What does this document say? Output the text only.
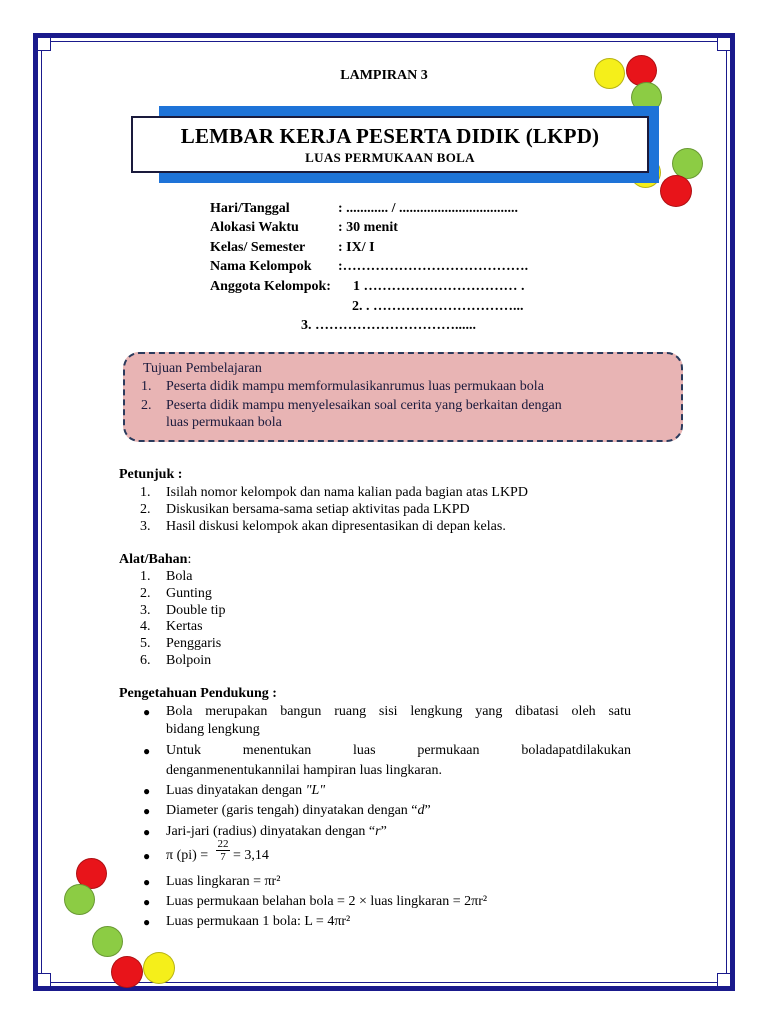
LAMPIRAN 3
LEMBAR KERJA PESERTA DIDIK (LKPD)
LUAS PERMUKAAN BOLA
Hari/Tanggal	: ............ / ..................................
Alokasi Waktu	: 30 menit
Kelas/ Semester : IX/ I
Nama Kelompok :………………………………….
Anggota Kelompok: 1 …………………………… .
2. . …………………………...
3. …………………………......
Tujuan Pembelajaran
1. Peserta didik mampu memformulasikanrumus luas permukaan bola
2. Peserta didik mampu menyelesaikan soal cerita yang berkaitan dengan
luas permukaan bola
Petunjuk :
1. Isilah nomor kelompok dan nama kalian pada bagian atas LKPD
2. Diskusikan bersama-sama setiap aktivitas pada LKPD
3. Hasil diskusi kelompok akan dipresentasikan di depan kelas.
Alat/Bahan:
1. Bola
2. Gunting
3. Double tip
4. Kertas
5. Penggaris
6. Bolpoin
Pengetahuan Pendukung :
● Bola merupakan bangun ruang sisi lengkung yang dibatasi oleh satu
bidang lengkung
● Untuk	menentukan	luas	permukaan	boladapatdilakukan
denganmenentukannilai hampiran luas lingkaran.
● Luas dinyatakan dengan "L"
● Diameter (garis tengah) dinyatakan dengan “d”
● Jari-jari (radius) dinyatakan dengan “r”
● π (pi) =
22
7 = 3,14
● Luas lingkaran = πr²
● Luas permukaan belahan bola = 2 × luas lingkaran = 2πr²
● Luas permukaan 1 bola: L = 4πr²
